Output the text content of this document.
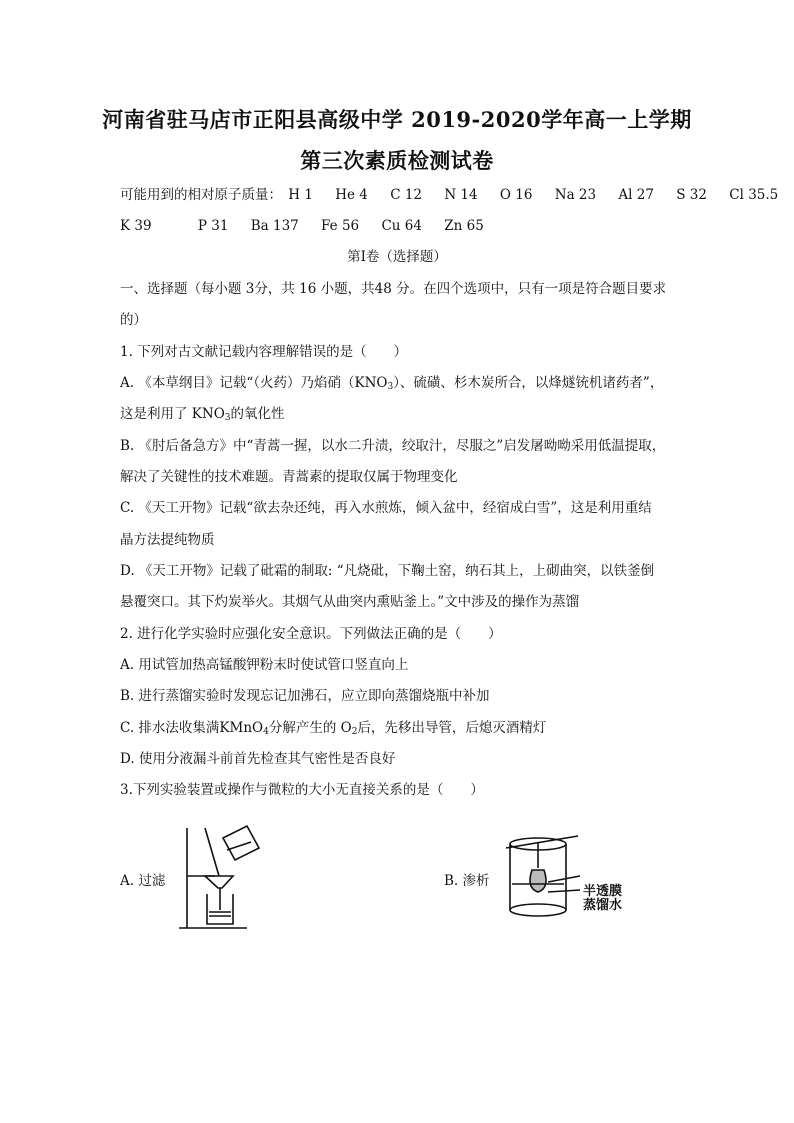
河南省驻马店市正阳县高级中学 2019-2020学年高一上学期
第三次素质检测试卷
可能用到的相对原子质量： H 1 He 4 C 12 N 14 O 16 Na 23 Al 27 S 32 Cl 35.5
K 39	P 31 Ba 137 Fe 56 Cu 64 Zn 65
第Ⅰ卷（选择题）
一、选择题（每小题 3分，共 16 小题，共48 分。在四个选项中，只有一项是符合题目要求
的）
1. 下列对古文献记载内容理解错误的是（　　）
A. 《本草纲目》记载“（火药）乃焰硝$(KNO_3)$、硫磺、杉木炭所合，以烽燧铳机诸药者”，
这是利用了 $KNO_3$的氧化性
B. 《肘后备急方》中“青蒿一握，以水二升渍，绞取汁，尽服之”启发屠呦呦采用低温提取，
解决了关键性的技术难题。青蒿素的提取仅属于物理变化
C. 《天工开物》记载“欲去杂还纯，再入水煎炼，倾入盆中，经宿成白雪”，这是利用重结
晶方法提纯物质
D. 《天工开物》记载了砒霜的制取: “凡烧砒，下鞠土窑，纳石其上，上砌曲突，以铁釜倒
悬覆突口。其下灼炭举火。其烟气从曲突内熏贴釜上。”文中涉及的操作为蒸馏
2. 进行化学实验时应强化安全意识。下列做法正确的是（　　）
A. 用试管加热高锰酸钾粉末时使试管口竖直向上
B. 进行蒸馏实验时发现忘记加沸石，应立即向蒸馏烧瓶中补加
C. 排水法收集满KMnO$_4$分解产生的 $O_2$后，先移出导管，后熄灭酒精灯
D. 使用分液漏斗前首先检查其气密性是否良好
3.下列实验装置或操作与微粒的大小无直接关系的是（　　）
A. 过滤	B. 渗析
半透膜
蒸馏水
